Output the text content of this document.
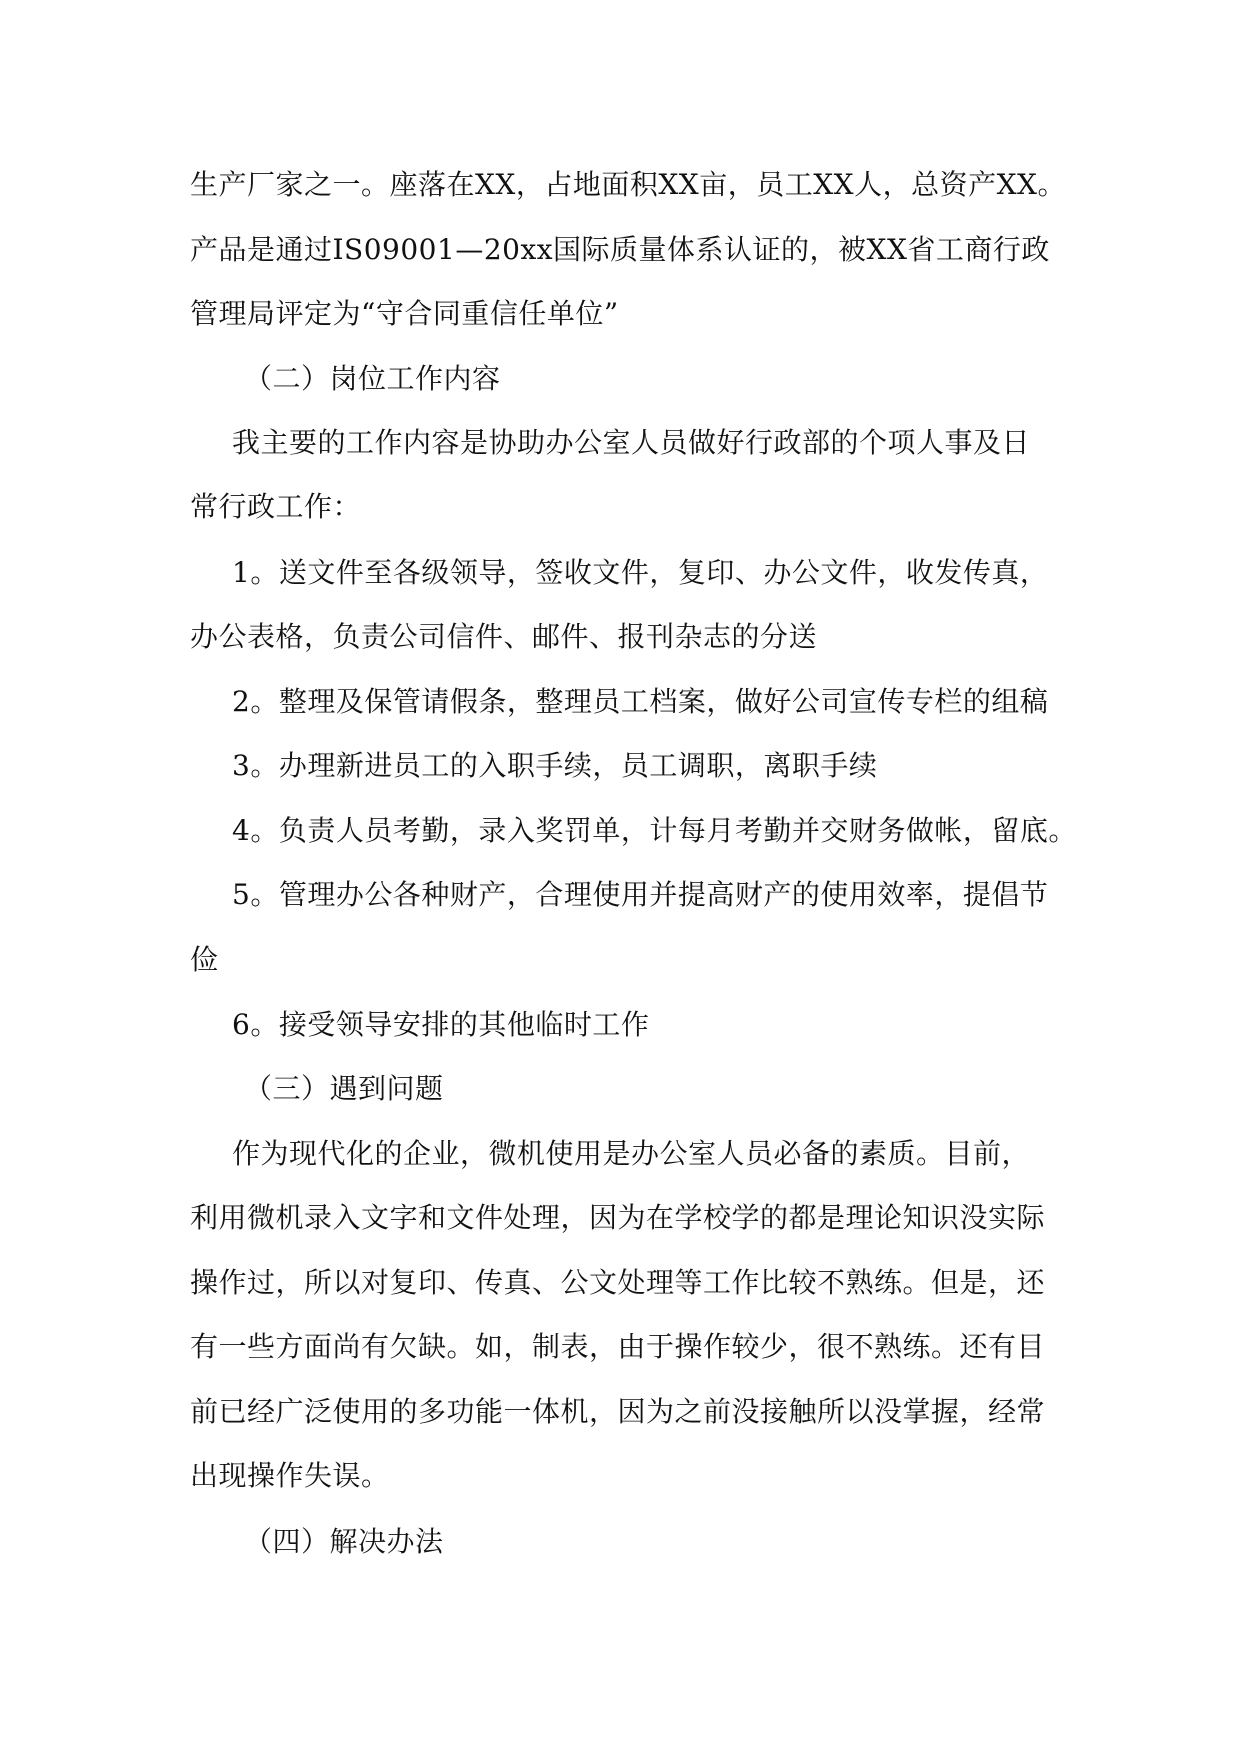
生产厂家之一。座落在XX，占地面积XX亩，员工XX人，总资产XX。
产品是通过IS09001—20xx国际质量体系认证的，被XX省工商行政
管理局评定为“守合同重信任单位”
（二）岗位工作内容
我主要的工作内容是协助办公室人员做好行政部的个项人事及日
常行政工作：
1。送文件至各级领导，签收文件，复印、办公文件，收发传真，
办公表格，负责公司信件、邮件、报刊杂志的分送
2。整理及保管请假条，整理员工档案，做好公司宣传专栏的组稿
3。办理新进员工的入职手续，员工调职，离职手续
4。负责人员考勤，录入奖罚单，计每月考勤并交财务做帐，留底。
5。管理办公各种财产，合理使用并提高财产的使用效率，提倡节
俭
6。接受领导安排的其他临时工作
（三）遇到问题
作为现代化的企业，微机使用是办公室人员必备的素质。目前，
利用微机录入文字和文件处理，因为在学校学的都是理论知识没实际
操作过，所以对复印、传真、公文处理等工作比较不熟练。但是，还
有一些方面尚有欠缺。如，制表，由于操作较少，很不熟练。还有目
前已经广泛使用的多功能一体机，因为之前没接触所以没掌握，经常
出现操作失误。
（四）解决办法
